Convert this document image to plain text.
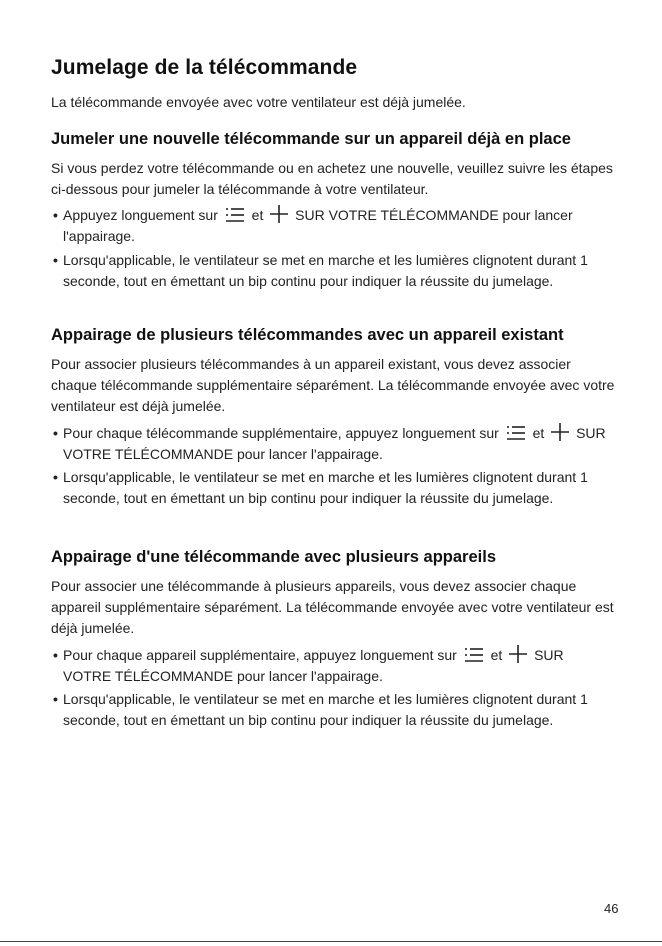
Jumelage de la télécommande

La télécommande envoyée avec votre ventilateur est déjà jumelée.

Jumeler une nouvelle télécommande sur un appareil déjà en place

Si vous perdez votre télécommande ou en achetez une nouvelle, veuillez suivre les étapes ci-dessous pour jumeler la télécommande à votre ventilateur.

• Appuyez longuement sur et SUR VOTRE TÉLÉCOMMANDE pour lancer l'appairage.
• Lorsqu'applicable, le ventilateur se met en marche et les lumières clignotent durant 1 seconde, tout en émettant un bip continu pour indiquer la réussite du jumelage.
Appairage de plusieurs télécommandes avec un appareil existant

Pour associer plusieurs télécommandes à un appareil existant, vous devez associer chaque télécommande supplémentaire séparément. La télécommande envoyée avec votre ventilateur est déjà jumelée.

• Pour chaque télécommande supplémentaire, appuyez longuement sur et SUR VOTRE TÉLÉCOMMANDE pour lancer l'appairage.
• Lorsqu'applicable, le ventilateur se met en marche et les lumières clignotent durant 1 seconde, tout en émettant un bip continu pour indiquer la réussite du jumelage.
Appairage d'une télécommande avec plusieurs appareils

Pour associer une télécommande à plusieurs appareils, vous devez associer chaque appareil supplémentaire séparément. La télécommande envoyée avec votre ventilateur est déjà jumelée.

• Pour chaque appareil supplémentaire, appuyez longuement sur et SUR VOTRE TÉLÉCOMMANDE pour lancer l'appairage.
• Lorsqu'applicable, le ventilateur se met en marche et les lumières clignotent durant 1 seconde, tout en émettant un bip continu pour indiquer la réussite du jumelage.
46
